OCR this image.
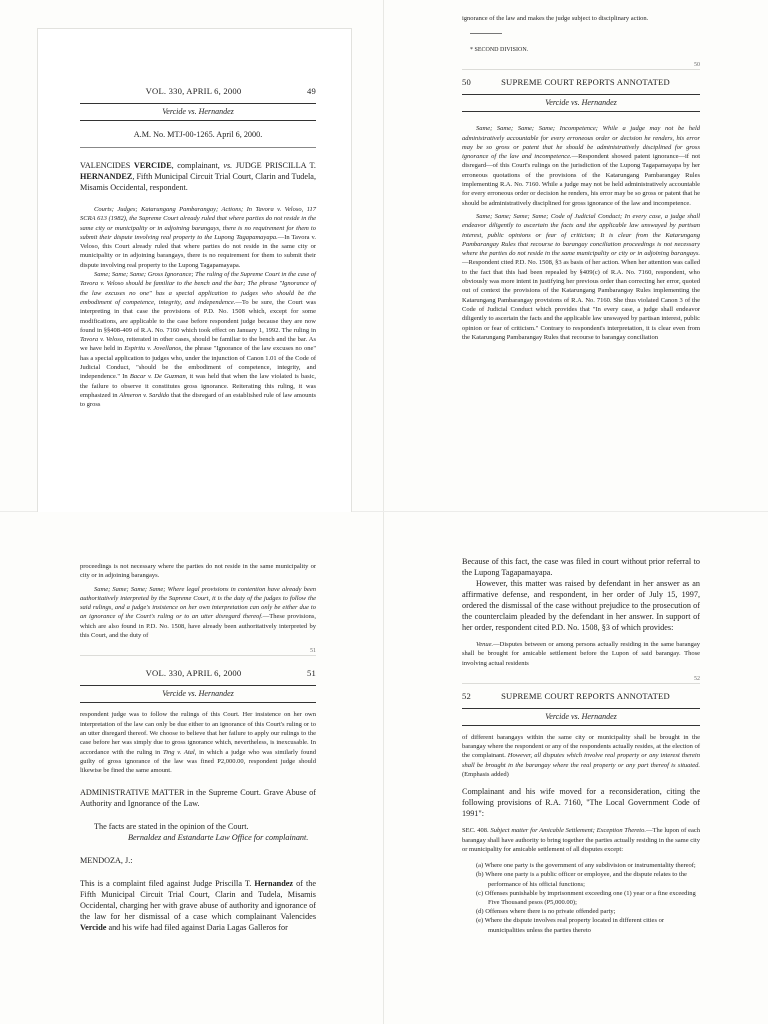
VOL. 330, APRIL 6, 2000	49
Vercide vs. Hernandez
A.M. No. MTJ-00-1265. April 6, 2000.

VALENCIDES VERCIDE, complainant, vs. JUDGE PRISCILLA T. HERNANDEZ, Fifth Municipal Circuit Trial Court, Clarin and Tudela, Misamis Occidental, respondent.

Courts; Judges; Katarungang Pambarangay; Actions; In Tavora v. Veloso, 117 SCRA 613 (1982), the Supreme Court already ruled that where parties do not reside in the same city or municipality or in adjoining barangays, there is no requirement for them to submit their dispute involving real property to the Lupong Tagapamayapa.—In Tavora v. Veloso, this Court already ruled that where parties do not reside in the same city or municipality or in adjoining barangays, there is no requirement for them to submit their dispute involving real property to the Lupong Tagapamayapa.

Same; Same; Same; Gross Ignorance; The ruling of the Supreme Court in the case of Tavora v. Veloso should be familiar to the bench and the bar; The phrase "Ignorance of the law excuses no one" has a special application to judges who should be the embodiment of competence, integrity, and independence.—To be sure, the Court was interpreting in that case the provisions of P.D. No. 1508 which, except for some modifications, are applicable to the case before respondent judge because they are now found in §§408-409 of R.A. No. 7160 which took effect on January 1, 1992. The ruling in Tavora v. Veloso, reiterated in other cases, should be familiar to the bench and the bar. As we have held in Espiritu v. Jovellanos, the phrase "Ignorance of the law excuses no one" has a special application to judges who, under the injunction of Canon 1.01 of the Code of Judicial Conduct, "should be the embodiment of competence, integrity, and independence." In Bacar v. De Guzman, it was held that when the law violated is basic, the failure to observe it constitutes gross ignorance. Reiterating this ruling, it was emphasized in Almeron v. Sardido that the disregard of an established rule of law amounts to gross

ignorance of the law and makes the judge subject to disciplinary action.

* SECOND DIVISION.
50
50	SUPREME COURT REPORTS ANNOTATED
Vercide vs. Hernandez

Same; Same; Same; Same; Incompetence; While a judge may not be held administratively accountable for every erroneous order or decision he renders, his error may be so gross or patent that he should be administratively disciplined for gross ignorance of the law and incompetence.—Respondent showed patent ignorance—if not disregard—of this Court's rulings on the jurisdiction of the Lupong Tagapamayapa by her erroneous quotations of the provisions of the Katarungang Pambarangay Rules implementing R.A. No. 7160. While a judge may not be held administratively accountable for every erroneous order or decision he renders, his error may be so gross or patent that he should be administratively disciplined for gross ignorance of the law and incompetence.

Same; Same; Same; Same; Code of Judicial Conduct; In every case, a judge shall endeavor diligently to ascertain the facts and the applicable law unswayed by partisan interest, public opinions or fear of criticism; It is clear from the Katarungang Pambarangay Rules that recourse to barangay conciliation proceedings is not necessary where the parties do not reside in the same municipality or city or in adjoining barangays.—Respondent cited P.D. No. 1508, §3 as basis of her action. When her attention was called to the fact that this had been repealed by §409(c) of R.A. No. 7160, respondent, who obviously was more intent in justifying her previous order than correcting her error, quoted out of context the provisions of the Katarungang Pambarangay Rules implementing the Katarungang Pambarangay provisions of R.A. No. 7160. She thus violated Canon 3 of the Code of Judicial Conduct which provides that "In every case, a judge shall endeavor diligently to ascertain the facts and the applicable law unswayed by partisan interest, public opinion or fear of criticism." Contrary to respondent's interpretation, it is clear even from the Katarungang Pambarangay Rules that recourse to barangay conciliation

proceedings is not necessary where the parties do not reside in the same municipality or city or in adjoining barangays.

Same; Same; Same; Same; Where legal provisions in contention have already been authoritatively interpreted by the Supreme Court, it is the duty of the judges to follow the said rulings, and a judge's insistence on her own interpretation can only be either due to an ignorance of the Court's ruling or to an utter disregard thereof.—These provisions, which are also found in P.D. No. 1508, have already been authoritatively interpreted by this Court, and the duty of

51
VOL. 330, APRIL 6, 2000	51
Vercide vs. Hernandez

respondent judge was to follow the rulings of this Court. Her insistence on her own interpretation of the law can only be due either to an ignorance of this Court's ruling or to an utter disregard thereof. We choose to believe that her failure to apply our rulings to the case before her was simply due to gross ignorance which, nevertheless, is inexcusable. In accordance with the ruling in Ting v. Atal, in which a judge who was similarly found guilty of gross ignorance of the law was fined P2,000.00, respondent judge should likewise be fined the same amount.

ADMINISTRATIVE MATTER in the Supreme Court. Grave Abuse of Authority and Ignorance of the Law.

The facts are stated in the opinion of the Court.

Bernaldez and Estandarte Law Office for complainant.

MENDOZA, J.:

This is a complaint filed against Judge Priscilla T. Hernandez of the Fifth Municipal Circuit Trial Court, Clarin and Tudela, Misamis Occidental, charging her with grave abuse of authority and ignorance of the law for her dismissal of a case which complainant Valencides Vercide and his wife had filed against Daria Lagas Galleros for

Because of this fact, the case was filed in court without prior referral to the Lupong Tagapamayapa.

However, this matter was raised by defendant in her answer as an affirmative defense, and respondent, in her order of July 15, 1997, ordered the dismissal of the case without prejudice to the prosecution of the counterclaim pleaded by the defendant in her answer. In support of her order, respondent cited P.D. No. 1508, §3 of which provides:

Venue.—Disputes between or among persons actually residing in the same barangay shall be brought for amicable settlement before the Lupon of said barangay. Those involving actual residents

52
52	SUPREME COURT REPORTS ANNOTATED
Vercide vs. Hernandez

of different barangays within the same city or municipality shall be brought in the barangay where the respondent or any of the respondents actually resides, at the election of the complainant. However, all disputes which involve real property or any interest therein shall be brought in the barangay where the real property or any part thereof is situated. (Emphasis added)

Complainant and his wife moved for a reconsideration, citing the following provisions of R.A. 7160, "The Local Government Code of 1991":

SEC. 408. Subject matter for Amicable Settlement; Exception Thereto.—The lupon of each barangay shall have authority to bring together the parties actually residing in the same city or municipality for amicable settlement of all disputes except:

(a) Where one party is the government of any subdivision or instrumentality thereof;
(b) Where one party is a public officer or employee, and the dispute relates to the performance of his official functions;
(c) Offenses punishable by imprisonment exceeding one (1) year or a fine exceeding Five Thousand pesos (P5,000.00);
(d) Offenses where there is no private offended party;
(e) Where the dispute involves real property located in different cities or municipalities unless the parties thereto
